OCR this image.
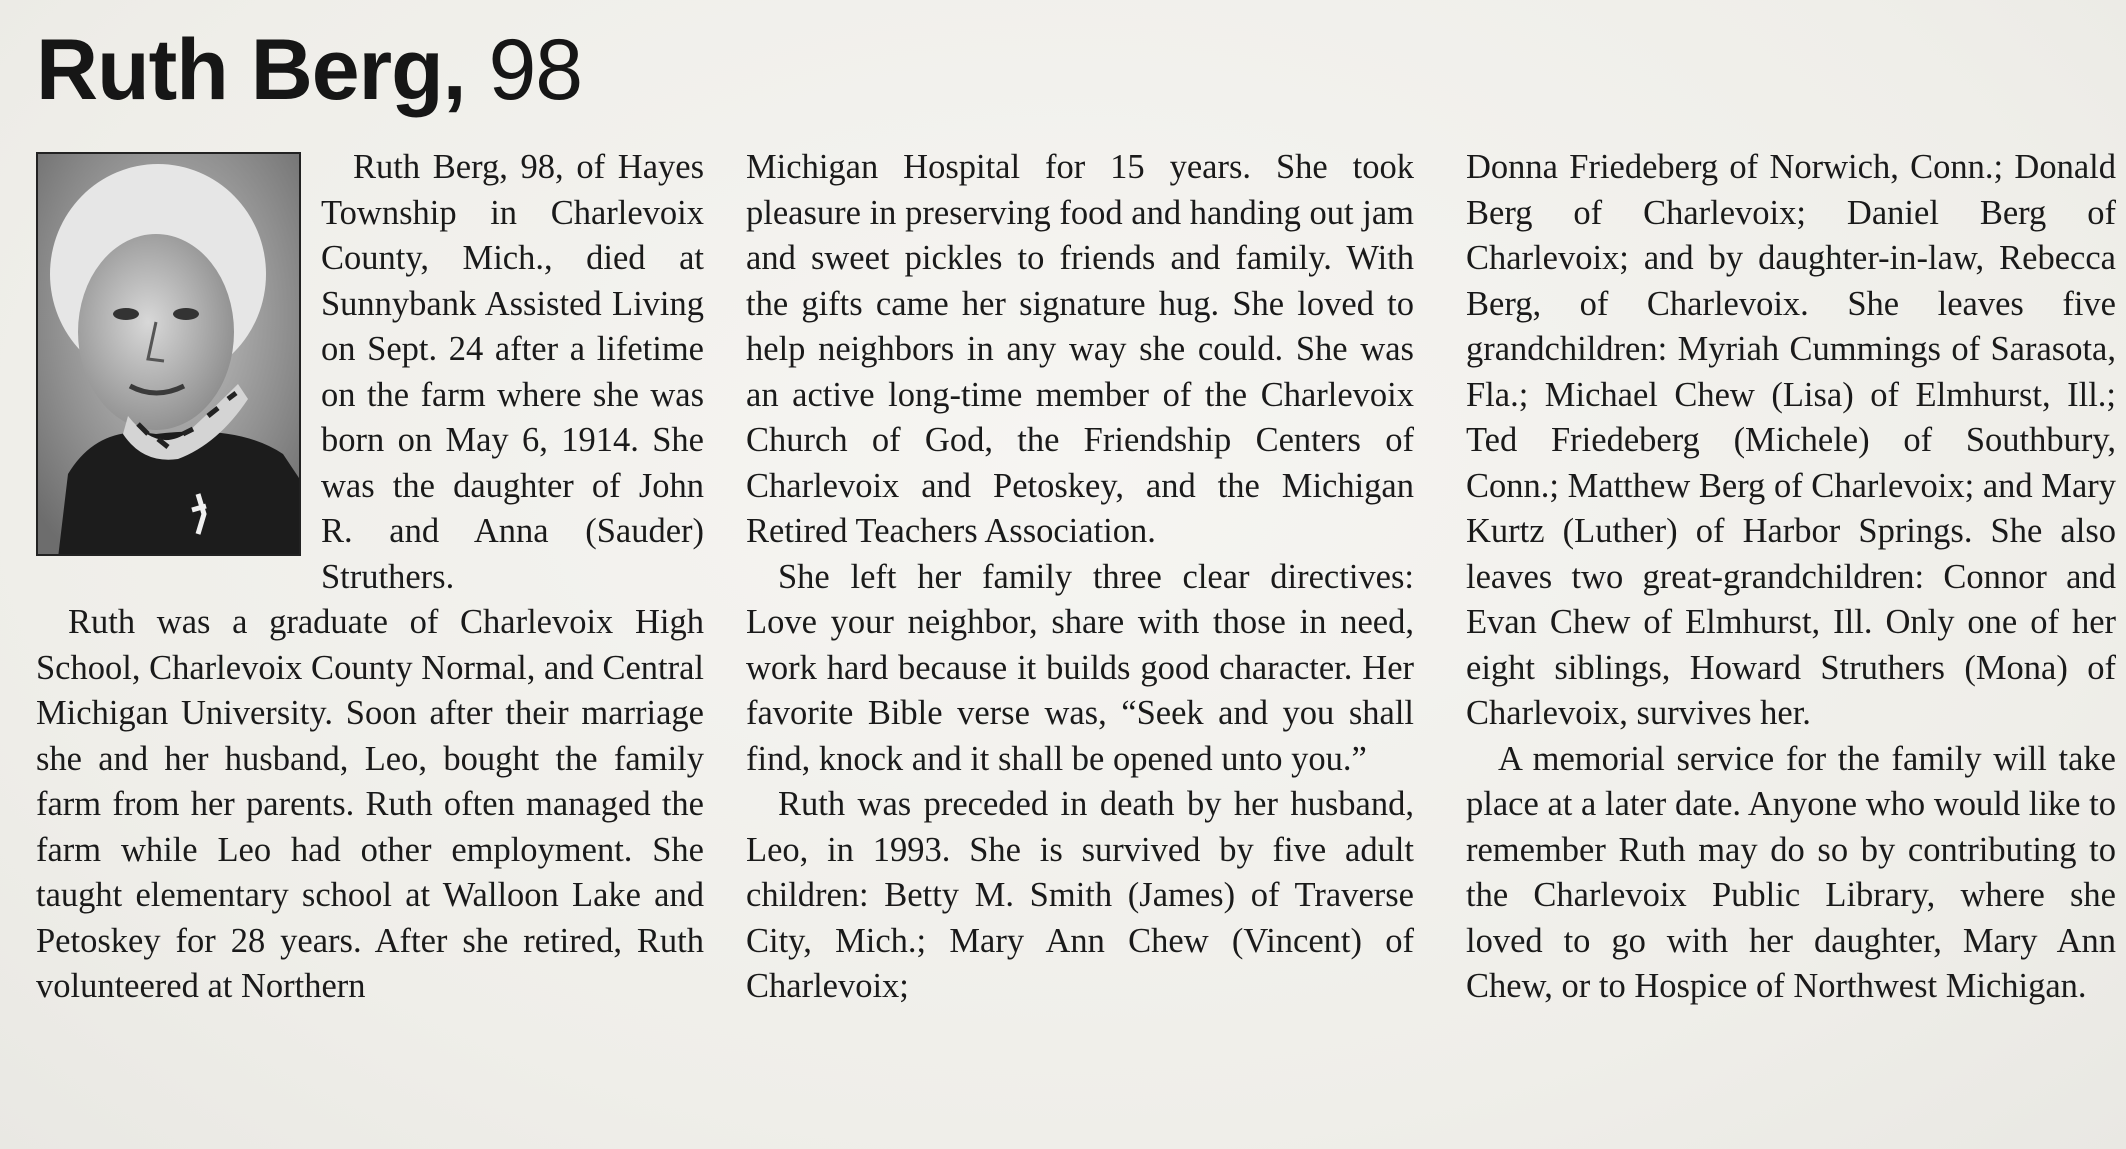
Ruth Berg, 98

Ruth Berg, 98, of Hayes Township in Charlevoix County, Mich., died at Sunnybank Assisted Living on Sept. 24 after a lifetime on the farm where she was born on May 6, 1914. She was the daughter of John R. and Anna (Sauder) Struthers.

Ruth was a graduate of Charlevoix High School, Charlevoix County Normal, and Central Michigan University. Soon after their marriage she and her husband, Leo, bought the family farm from her parents. Ruth often managed the farm while Leo had other employment. She taught elementary school at Walloon Lake and Petoskey for 28 years. After she retired, Ruth volunteered at Northern

Michigan Hospital for 15 years. She took pleasure in preserving food and handing out jam and sweet pickles to friends and family. With the gifts came her signature hug. She loved to help neighbors in any way she could. She was an active long-time member of the Charlevoix Church of God, the Friendship Centers of Charlevoix and Petoskey, and the Michigan Retired Teachers Association.

She left her family three clear directives: Love your neighbor, share with those in need, work hard because it builds good character. Her favorite Bible verse was, “Seek and you shall find, knock and it shall be opened unto you.”

Ruth was preceded in death by her husband, Leo, in 1993. She is survived by five adult children: Betty M. Smith (James) of Traverse City, Mich.; Mary Ann Chew (Vincent) of Charlevoix;

Donna Friedeberg of Norwich, Conn.; Donald Berg of Charlevoix; Daniel Berg of Charlevoix; and by daughter-in-law, Rebecca Berg, of Charlevoix. She leaves five grandchildren: Myriah Cummings of Sarasota, Fla.; Michael Chew (Lisa) of Elmhurst, Ill.; Ted Friedeberg (Michele) of Southbury, Conn.; Matthew Berg of Charlevoix; and Mary Kurtz (Luther) of Harbor Springs. She also leaves two great-grandchildren: Connor and Evan Chew of Elmhurst, Ill. Only one of her eight siblings, Howard Struthers (Mona) of Charlevoix, survives her.

A memorial service for the family will take place at a later date. Anyone who would like to remember Ruth may do so by contributing to the Charlevoix Public Library, where she loved to go with her daughter, Mary Ann Chew, or to Hospice of Northwest Michigan.
